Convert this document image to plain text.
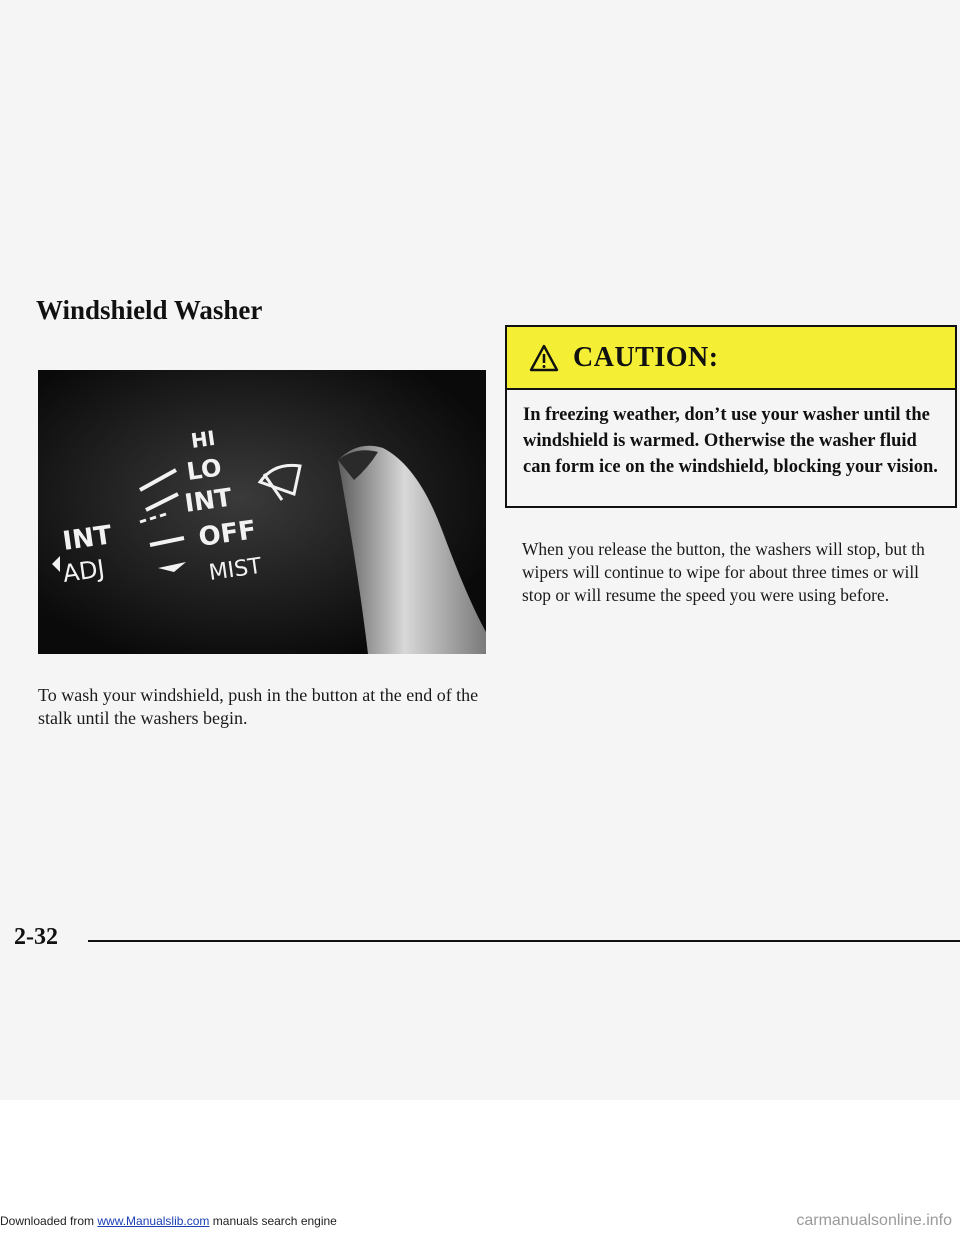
Windshield Washer
HI
LO
INT
OFF
MIST
INT
ADJ

To wash your windshield, push in the button at the end of the stalk until the washers begin.

CAUTION:
In freezing weather, don’t use your washer until the windshield is warmed. Otherwise the washer fluid can form ice on the windshield, blocking your vision.

When you release the button, the washers will stop, but th
wipers will continue to wipe for about three times or will
stop or will resume the speed you were using before.

2-32
Downloaded from www.Manualslib.com manuals search engine	carmanualsonline.info
